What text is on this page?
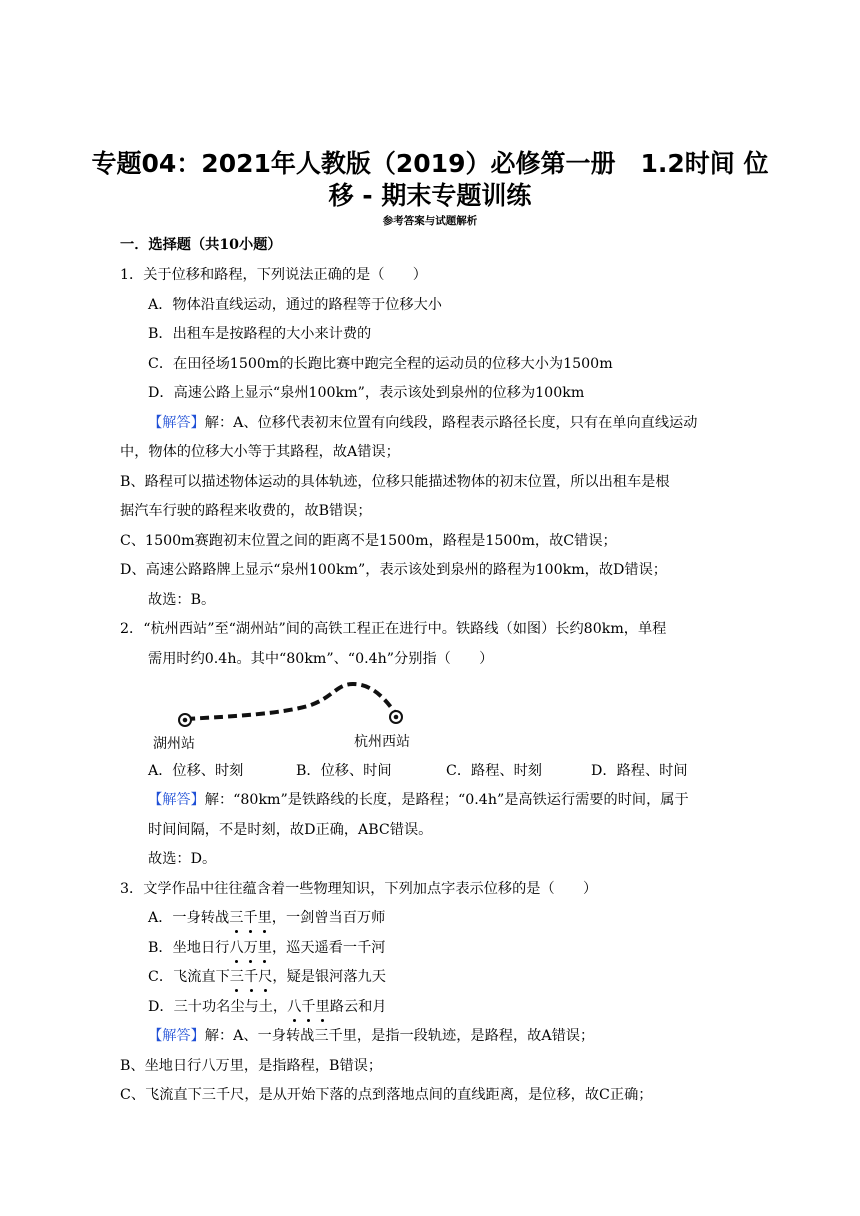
专题04：2021年人教版（2019）必修第一册　1.2时间 位
移 - 期末专题训练
参考答案与试题解析
一．选择题（共10小题）
1．关于位移和路程，下列说法正确的是（　　）
A．物体沿直线运动，通过的路程等于位移大小
B．出租车是按路程的大小来计费的
C．在田径场1500m的长跑比赛中跑完全程的运动员的位移大小为1500m
D．高速公路上显示“泉州100km”，表示该处到泉州的位移为100km
【解答】解：A、位移代表初末位置有向线段，路程表示路径长度，只有在单向直线运动
中，物体的位移大小等于其路程，故A错误；
B、路程可以描述物体运动的具体轨迹，位移只能描述物体的初末位置，所以出租车是根
据汽车行驶的路程来收费的，故B错误；
C、1500m赛跑初末位置之间的距离不是1500m，路程是1500m，故C错误；
D、高速公路路牌上显示“泉州100km”，表示该处到泉州的路程为100km，故D错误；
故选：B。
2．“杭州西站”至“湖州站”间的高铁工程正在进行中。铁路线（如图）长约80km，单程
需用时约0.4h。其中“80km”、“0.4h”分别指（　　）
湖州站	杭州西站
A．位移、时刻	B．位移、时间	C．路程、时刻	D．路程、时间
【解答】解：“80km”是铁路线的长度，是路程；“0.4h”是高铁运行需要的时间，属于
时间间隔，不是时刻，故D正确，ABC错误。
故选：D。
3．文学作品中往往蕴含着一些物理知识，下列加点字表示位移的是（　　）
A．一身转战三千里，一剑曾当百万师
B．坐地日行八万里，巡天遥看一千河
C．飞流直下三千尺，疑是银河落九天
D．三十功名尘与土，八千里路云和月
【解答】解：A、一身转战三千里，是指一段轨迹，是路程，故A错误；
B、坐地日行八万里，是指路程，B错误；
C、飞流直下三千尺，是从开始下落的点到落地点间的直线距离，是位移，故C正确；
